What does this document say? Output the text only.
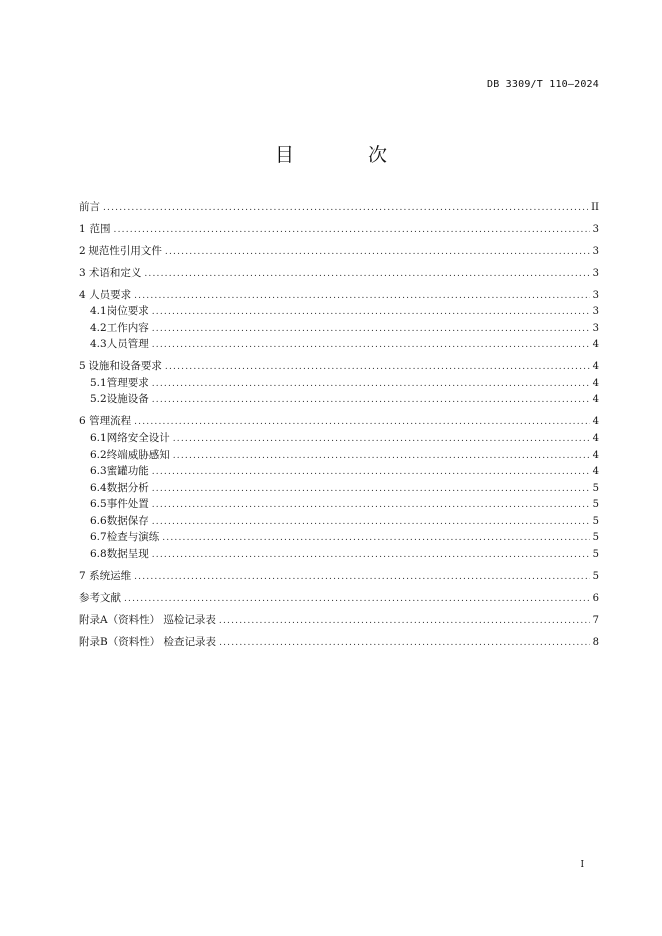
DB 3309/T 110—2024
目 次
前言 .....	II
1 范围 .....	3
2 规范性引用文件 .....	3
3 术语和定义 .....	3
4 人员要求 .....	3
4.1 岗位要求 .....	3
4.2 工作内容 .....	3
4.3 人员管理 .....	4
5 设施和设备要求 .....	4
5.1 管理要求 .....	4
5.2 设施设备 .....	4
6 管理流程 .....	4
6.1 网络安全设计 .....	4
6.2 终端威胁感知 .....	4
6.3 蜜罐功能 .....	4
6.4 数据分析 .....	5
6.5 事件处置 .....	5
6.6 数据保存 .....	5
6.7 检查与演练 .....	5
6.8 数据呈现 .....	5
7 系统运维 .....	5
参考文献 .....	6
附录A（资料性） 巡检记录表 .....	7
附录B（资料性） 检查记录表 .....	8
I
